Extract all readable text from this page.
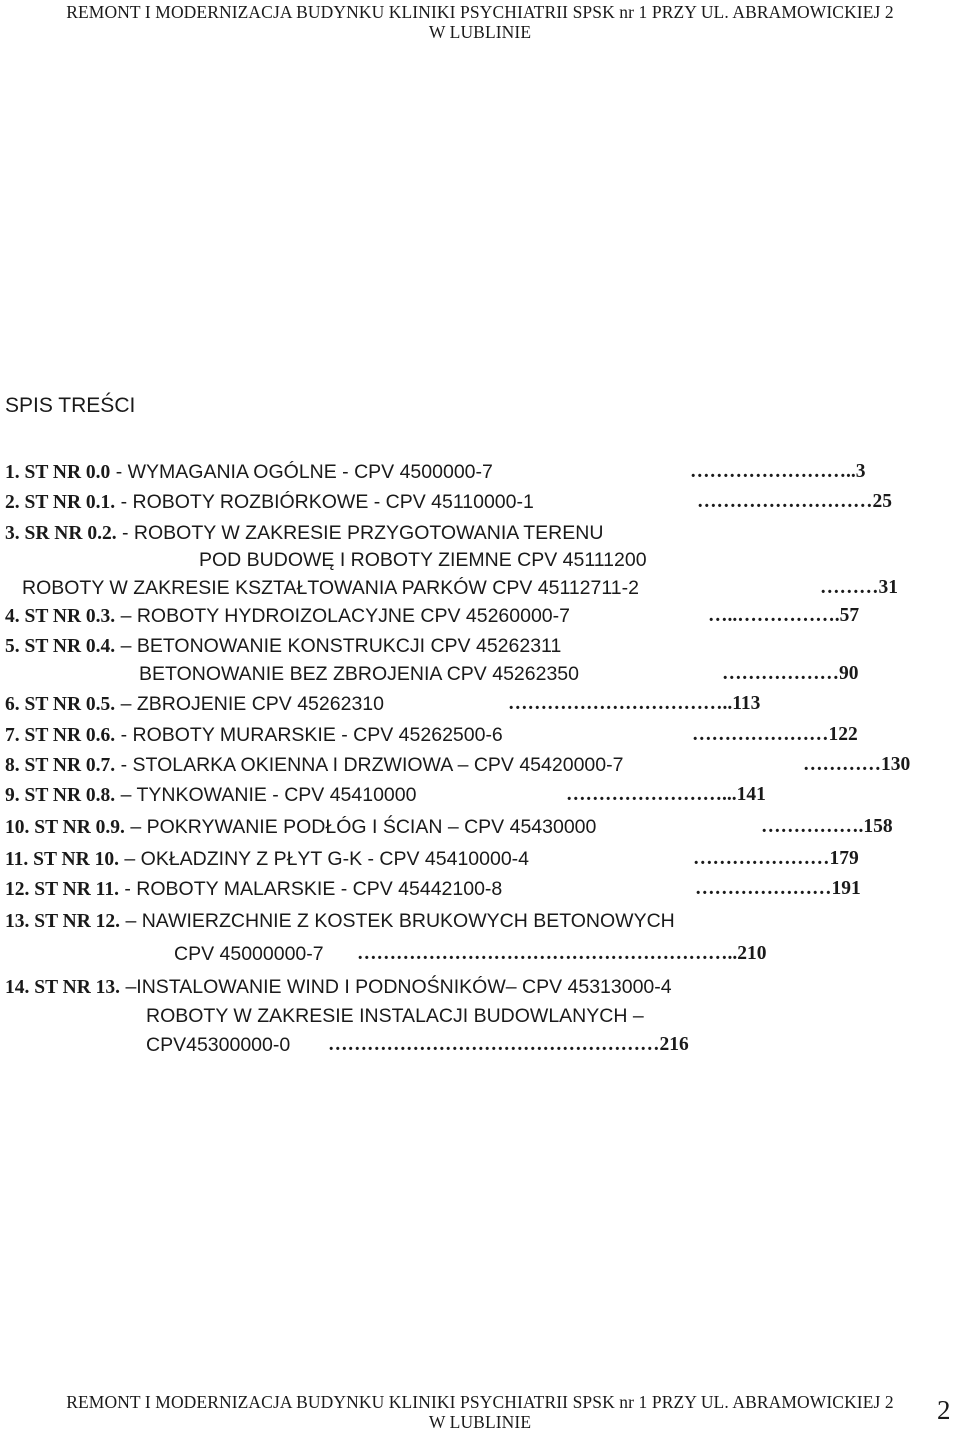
REMONT I MODERNIZACJA BUDYNKU KLINIKI PSYCHIATRII SPSK nr 1 PRZY UL. ABRAMOWICKIEJ 2
W LUBLINIE
SPIS TREŚCI
1. ST NR 0.0 - WYMAGANIA OGÓLNE - CPV 4500000-7	……………………..3
2. ST NR 0.1. - ROBOTY ROZBIÓRKOWE - CPV 45110000-1	………………………25
3. SR NR 0.2. - ROBOTY W ZAKRESIE PRZYGOTOWANIA TERENU
POD BUDOWĘ I ROBOTY ZIEMNE CPV 45111200
ROBOTY W ZAKRESIE KSZTAŁTOWANIA PARKÓW CPV 45112711-2	………31
4. ST NR 0.3. – ROBOTY HYDROIZOLACYJNE CPV 45260000-7	…..…………….57
5. ST NR 0.4. – BETONOWANIE KONSTRUKCJI CPV 45262311
BETONOWANIE BEZ ZBROJENIA CPV 45262350	………………90
6. ST NR 0.5. – ZBROJENIE CPV 45262310	……………………………..113
7. ST NR 0.6. - ROBOTY MURARSKIE - CPV 45262500-6	…………………122
8. ST NR 0.7. - STOLARKA OKIENNA I DRZWIOWA – CPV 45420000-7	…………130
9. ST NR 0.8. – TYNKOWANIE - CPV 45410000	……………………...141
10. ST NR 0.9. – POKRYWANIE PODŁÓG I ŚCIAN – CPV 45430000	…………….158
11. ST NR 10. – OKŁADZINY Z PŁYT G-K - CPV 45410000-4	…………………179
12. ST NR 11. - ROBOTY MALARSKIE - CPV 45442100-8	…………………191
13. ST NR 12. – NAWIERZCHNIE Z KOSTEK BRUKOWYCH BETONOWYCH
CPV 45000000-7 …………………………………………………..210
14. ST NR 13. –INSTALOWANIE WIND I PODNOŚNIKÓW– CPV 45313000-4
ROBOTY W ZAKRESIE INSTALACJI BUDOWLANYCH –
CPV45300000-0 ……………………………………………216
REMONT I MODERNIZACJA BUDYNKU KLINIKI PSYCHIATRII SPSK nr 1 PRZY UL. ABRAMOWICKIEJ 2
W LUBLINIE	2
